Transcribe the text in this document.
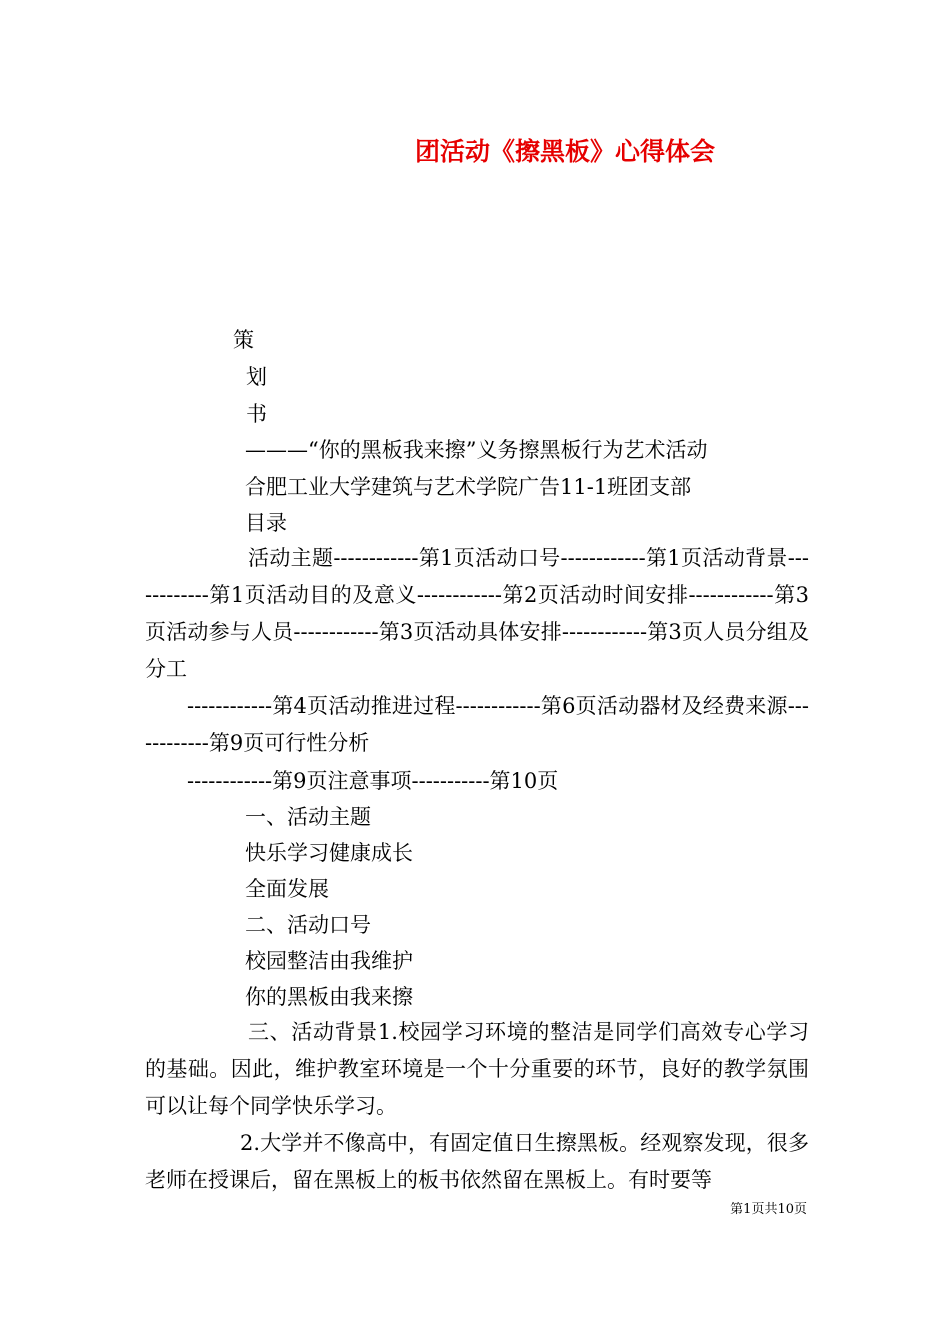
团活动《擦黑板》心得体会
策
划
书
———“你的黑板我来擦”义务擦黑板行为艺术活动
合肥工业大学建筑与艺术学院广告11-1班团支部
目录
活动主题------------第1页活动口号------------第1页活动背景------------第1页活动目的及意义------------第2页活动时间安排------------第3页活动参与人员------------第3页活动具体安排------------第3页人员分组及分工
------------第4页活动推进过程------------第6页活动器材及经费来源------------第9页可行性分析
------------第9页注意事项-----------第10页
一、活动主题
快乐学习健康成长
全面发展
二、活动口号
校园整洁由我维护
你的黑板由我来擦
三、活动背景1.校园学习环境的整洁是同学们高效专心学习的基础。因此，维护教室环境是一个十分重要的环节，良好的教学氛围可以让每个同学快乐学习。
2.大学并不像高中，有固定值日生擦黑板。经观察发现，很多老师在授课后，留在黑板上的板书依然留在黑板上。有时要等
第1页共10页
